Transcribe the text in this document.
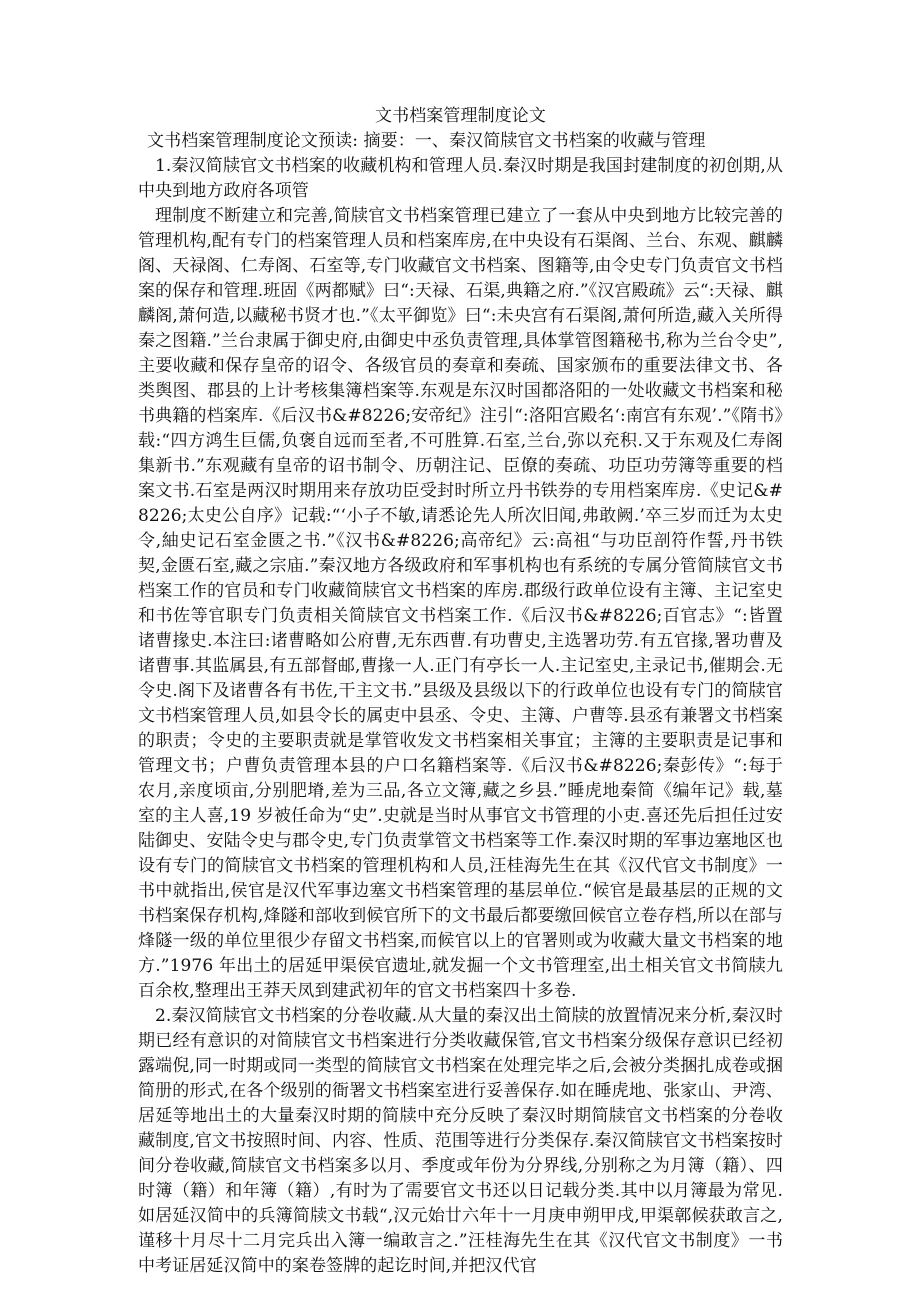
文书档案管理制度论文

文书档案管理制度论文预读: 摘要：一、秦汉简牍官文书档案的收藏与管理

1.秦汉简牍官文书档案的收藏机构和管理人员.秦汉时期是我国封建制度的初创期,从中央到地方政府各项管

理制度不断建立和完善,简牍官文书档案管理已建立了一套从中央到地方比较完善的管理机构,配有专门的档案管理人员和档案库房,在中央设有石渠阁、兰台、东观、麒麟阁、天禄阁、仁寿阁、石室等,专门收藏官文书档案、图籍等,由令史专门负责官文书档案的保存和管理.班固《两都赋》曰“:天禄、石渠,典籍之府.”《汉宫殿疏》云“:天禄、麒麟阁,萧何造,以藏秘书贤才也.”《太平御览》曰“:未央宫有石渠阁,萧何所造,藏入关所得秦之图籍.”兰台隶属于御史府,由御史中丞负责管理,具体掌管图籍秘书,称为兰台令史”,主要收藏和保存皇帝的诏令、各级官员的奏章和奏疏、国家颁布的重要法律文书、各类舆图、郡县的上计考核集簿档案等.东观是东汉时国都洛阳的一处收藏文书档案和秘书典籍的档案库.《后汉书&#8226;安帝纪》注引“:洛阳宫殿名‘:南宫有东观’.”《隋书》载:“四方鸿生巨儒,负褒自远而至者,不可胜算.石室,兰台,弥以充积.又于东观及仁寿阁集新书.”东观藏有皇帝的诏书制令、历朝注记、臣僚的奏疏、功臣功劳簿等重要的档案文书.石室是两汉时期用来存放功臣受封时所立丹书铁券的专用档案库房.《史记&#8226;太史公自序》记载:“‘小子不敏,请悉论先人所次旧闻,弗敢阙.’卒三岁而迁为太史令,紬史记石室金匮之书.”《汉书&#8226;高帝纪》云:高祖“与功臣剖符作誓,丹书铁契,金匮石室,藏之宗庙.”秦汉地方各级政府和军事机构也有系统的专属分管简牍官文书档案工作的官员和专门收藏简牍官文书档案的库房.郡级行政单位设有主簿、主记室史和书佐等官职专门负责相关简牍官文书档案工作.《后汉书&#8226;百官志》“:皆置诸曹掾史.本注曰:诸曹略如公府曹,无东西曹.有功曹史,主选署功劳.有五官掾,署功曹及诸曹事.其监属县,有五部督邮,曹掾一人.正门有亭长一人.主记室史,主录记书,催期会.无令史.阁下及诸曹各有书佐,干主文书.”县级及县级以下的行政单位也设有专门的简牍官文书档案管理人员,如县令长的属吏中县丞、令史、主簿、户曹等.县丞有兼署文书档案的职责；令史的主要职责就是掌管收发文书档案相关事宜；主簿的主要职责是记事和管理文书；户曹负责管理本县的户口名籍档案等.《后汉书&#8226;秦彭传》“:每于农月,亲度顷亩,分别肥塉,差为三品,各立文簿,藏之乡县.”睡虎地秦简《编年记》载,墓室的主人喜,19 岁被任命为“史”.史就是当时从事官文书管理的小吏.喜还先后担任过安陆御史、安陆令史与郡令史,专门负责掌管文书档案等工作.秦汉时期的军事边塞地区也设有专门的简牍官文书档案的管理机构和人员,汪桂海先生在其《汉代官文书制度》一书中就指出,侯官是汉代军事边塞文书档案管理的基层单位.“候官是最基层的正规的文书档案保存机构,烽隧和部收到候官所下的文书最后都要缴回候官立卷存档,所以在部与烽隧一级的单位里很少存留文书档案,而候官以上的官署则或为收藏大量文书档案的地方.”1976 年出土的居延甲渠侯官遗址,就发掘一个文书管理室,出土相关官文书简牍九百余枚,整理出王莽天凤到建武初年的官文书档案四十多卷.

2.秦汉简牍官文书档案的分卷收藏.从大量的秦汉出土简牍的放置情况来分析,秦汉时期已经有意识的对简牍官文书档案进行分类收藏保管,官文书档案分级保存意识已经初露端倪,同一时期或同一类型的简牍官文书档案在处理完毕之后,会被分类捆扎成卷或捆简册的形式,在各个级别的衙署文书档案室进行妥善保存.如在睡虎地、张家山、尹湾、居延等地出土的大量秦汉时期的简牍中充分反映了秦汉时期简牍官文书档案的分卷收藏制度,官文书按照时间、内容、性质、范围等进行分类保存.秦汉简牍官文书档案按时间分卷收藏,简牍官文书档案多以月、季度或年份为分界线,分别称之为月簿（籍）、四时簿（籍）和年簿（籍）,有时为了需要官文书还以日记载分类.其中以月簿最为常见.如居延汉简中的兵簿简牍文书载“,汉元始廿六年十一月庚申朔甲戌,甲渠鄣候获敢言之,谨移十月尽十二月完兵出入簿一编敢言之.”汪桂海先生在其《汉代官文书制度》一书中考证居延汉简中的案卷签牌的起讫时间,并把汉代官
